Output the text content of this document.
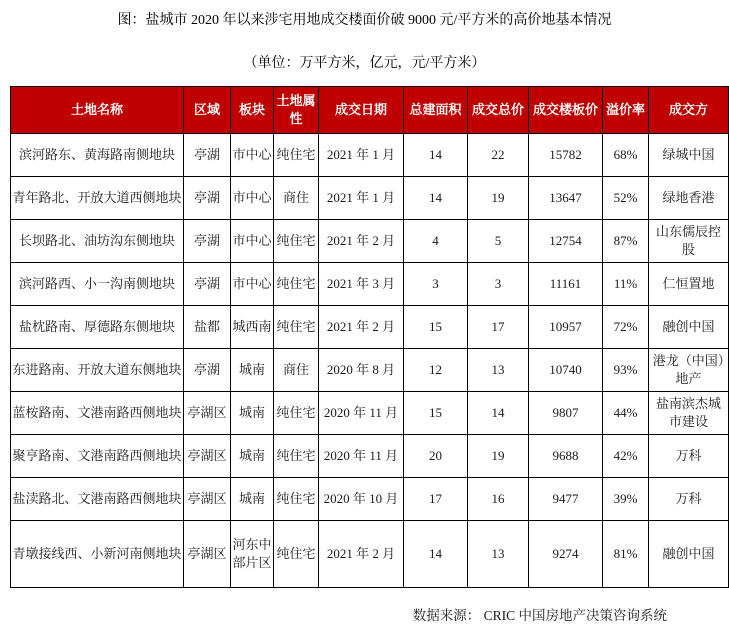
图：盐城市 2020 年以来涉宅用地成交楼面价破 9000 元/平方米的高价地基本情况
（单位：万平方米，亿元，元/平方米）
土地名称	区域	板块	土地属性	成交日期	总建面积	成交总价	成交楼板价	溢价率	成交方
滨河路东、黄海路南侧地块	亭湖	市中心	纯住宅	2021 年 1 月	14	22	15782	68%	绿城中国
青年路北、开放大道西侧地块	亭湖	市中心	商住	2021 年 1 月	14	19	13647	52%	绿地香港
长坝路北、油坊沟东侧地块	亭湖	市中心	纯住宅	2021 年 2 月	4	5	12754	87%	山东儒辰控股
滨河路西、小一沟南侧地块	亭湖	市中心	纯住宅	2021 年 3 月	3	3	11161	11%	仁恒置地
盐枕路南、厚德路东侧地块	盐都	城西南	纯住宅	2021 年 2 月	15	17	10957	72%	融创中国
东进路南、开放大道东侧地块	亭湖	城南	商住	2020 年 8 月	12	13	10740	93%	港龙（中国）地产
蓝桉路南、文港南路西侧地块	亭湖区	城南	纯住宅	2020 年 11 月	15	14	9807	44%	盐南滨杰城市建设
聚亨路南、文港南路西侧地块	亭湖区	城南	纯住宅	2020 年 11 月	20	19	9688	42%	万科
盐渎路北、文港南路西侧地块	亭湖区	城南	纯住宅	2020 年 10 月	17	16	9477	39%	万科
青墩接线西、小新河南侧地块	亭湖区	河东中部片区	纯住宅	2021 年 2 月	14	13	9274	81%	融创中国
数据来源： CRIC 中国房地产决策咨询系统
